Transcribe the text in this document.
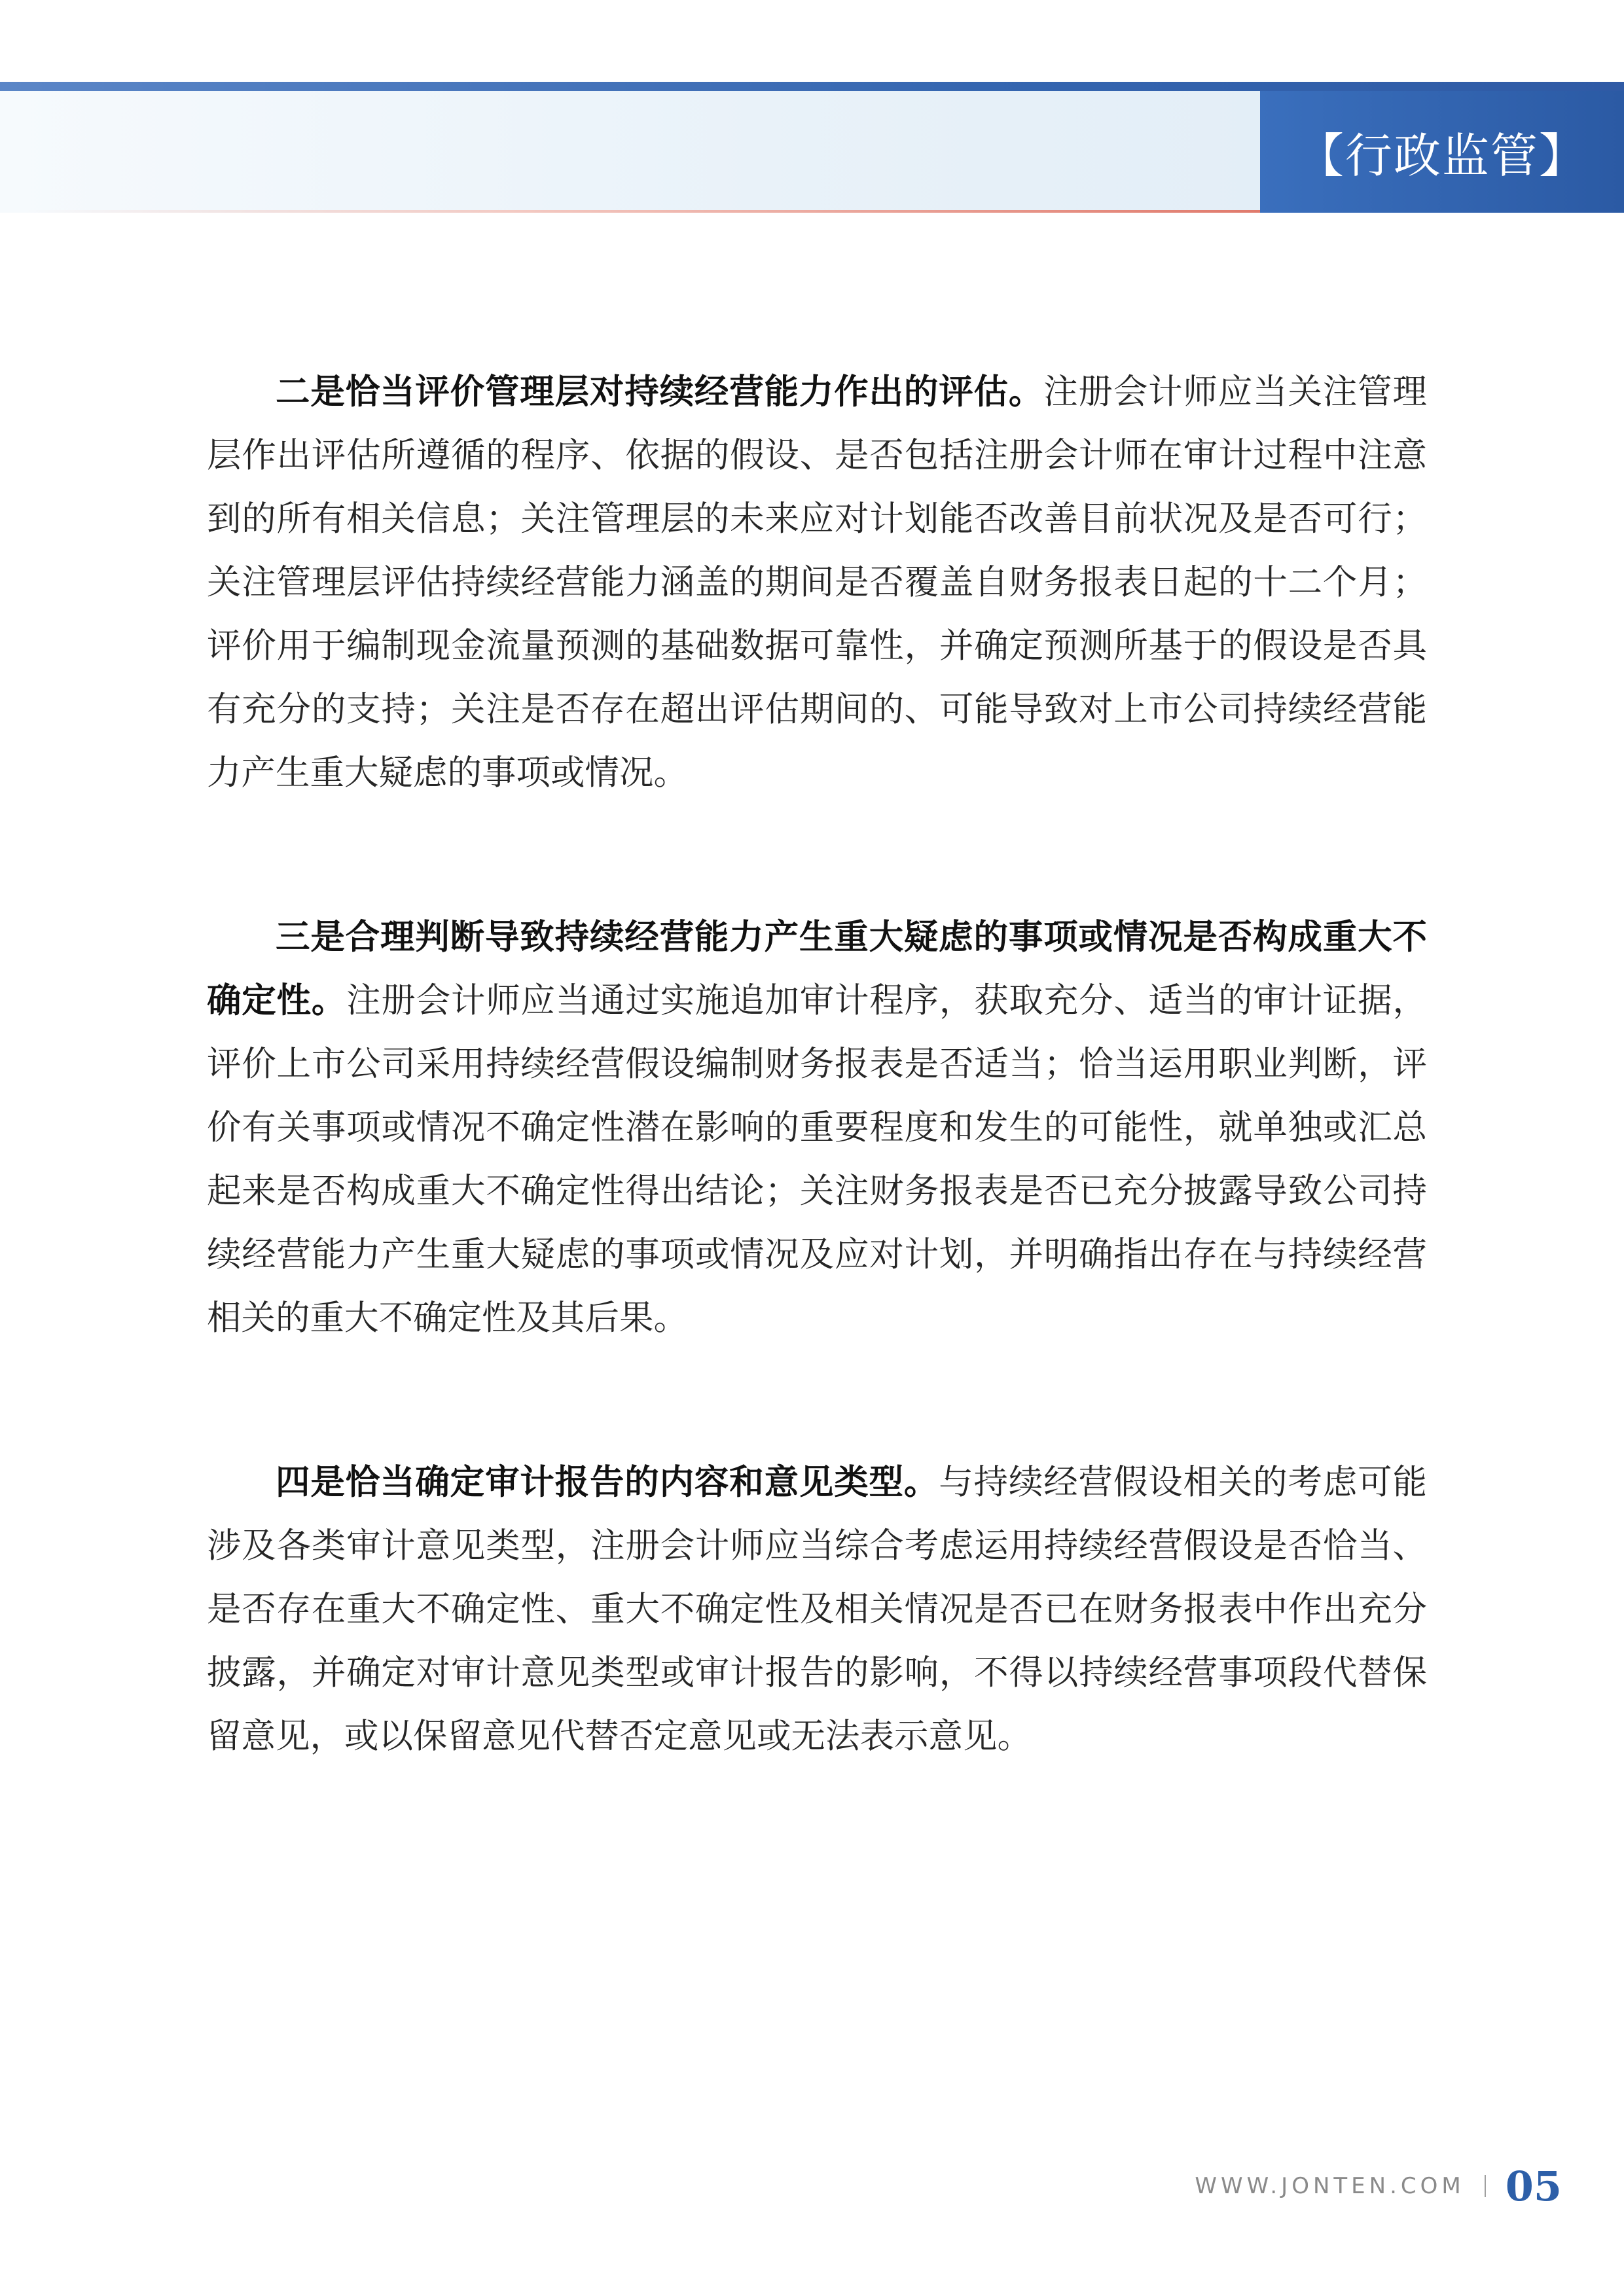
【行政监管】

二是恰当评价管理层对持续经营能力作出的评估。注册会计师应当关注管理层作出评估所遵循的程序、依据的假设、是否包括注册会计师在审计过程中注意到的所有相关信息；关注管理层的未来应对计划能否改善目前状况及是否可行；关注管理层评估持续经营能力涵盖的期间是否覆盖自财务报表日起的十二个月；评价用于编制现金流量预测的基础数据可靠性，并确定预测所基于的假设是否具有充分的支持；关注是否存在超出评估期间的、可能导致对上市公司持续经营能力产生重大疑虑的事项或情况。

三是合理判断导致持续经营能力产生重大疑虑的事项或情况是否构成重大不确定性。注册会计师应当通过实施追加审计程序，获取充分、适当的审计证据，评价上市公司采用持续经营假设编制财务报表是否适当；恰当运用职业判断，评价有关事项或情况不确定性潜在影响的重要程度和发生的可能性，就单独或汇总起来是否构成重大不确定性得出结论；关注财务报表是否已充分披露导致公司持续经营能力产生重大疑虑的事项或情况及应对计划，并明确指出存在与持续经营相关的重大不确定性及其后果。

四是恰当确定审计报告的内容和意见类型。与持续经营假设相关的考虑可能涉及各类审计意见类型，注册会计师应当综合考虑运用持续经营假设是否恰当、是否存在重大不确定性、重大不确定性及相关情况是否已在财务报表中作出充分披露，并确定对审计意见类型或审计报告的影响，不得以持续经营事项段代替保留意见，或以保留意见代替否定意见或无法表示意见。

WWW.JONTEN.COM 05
